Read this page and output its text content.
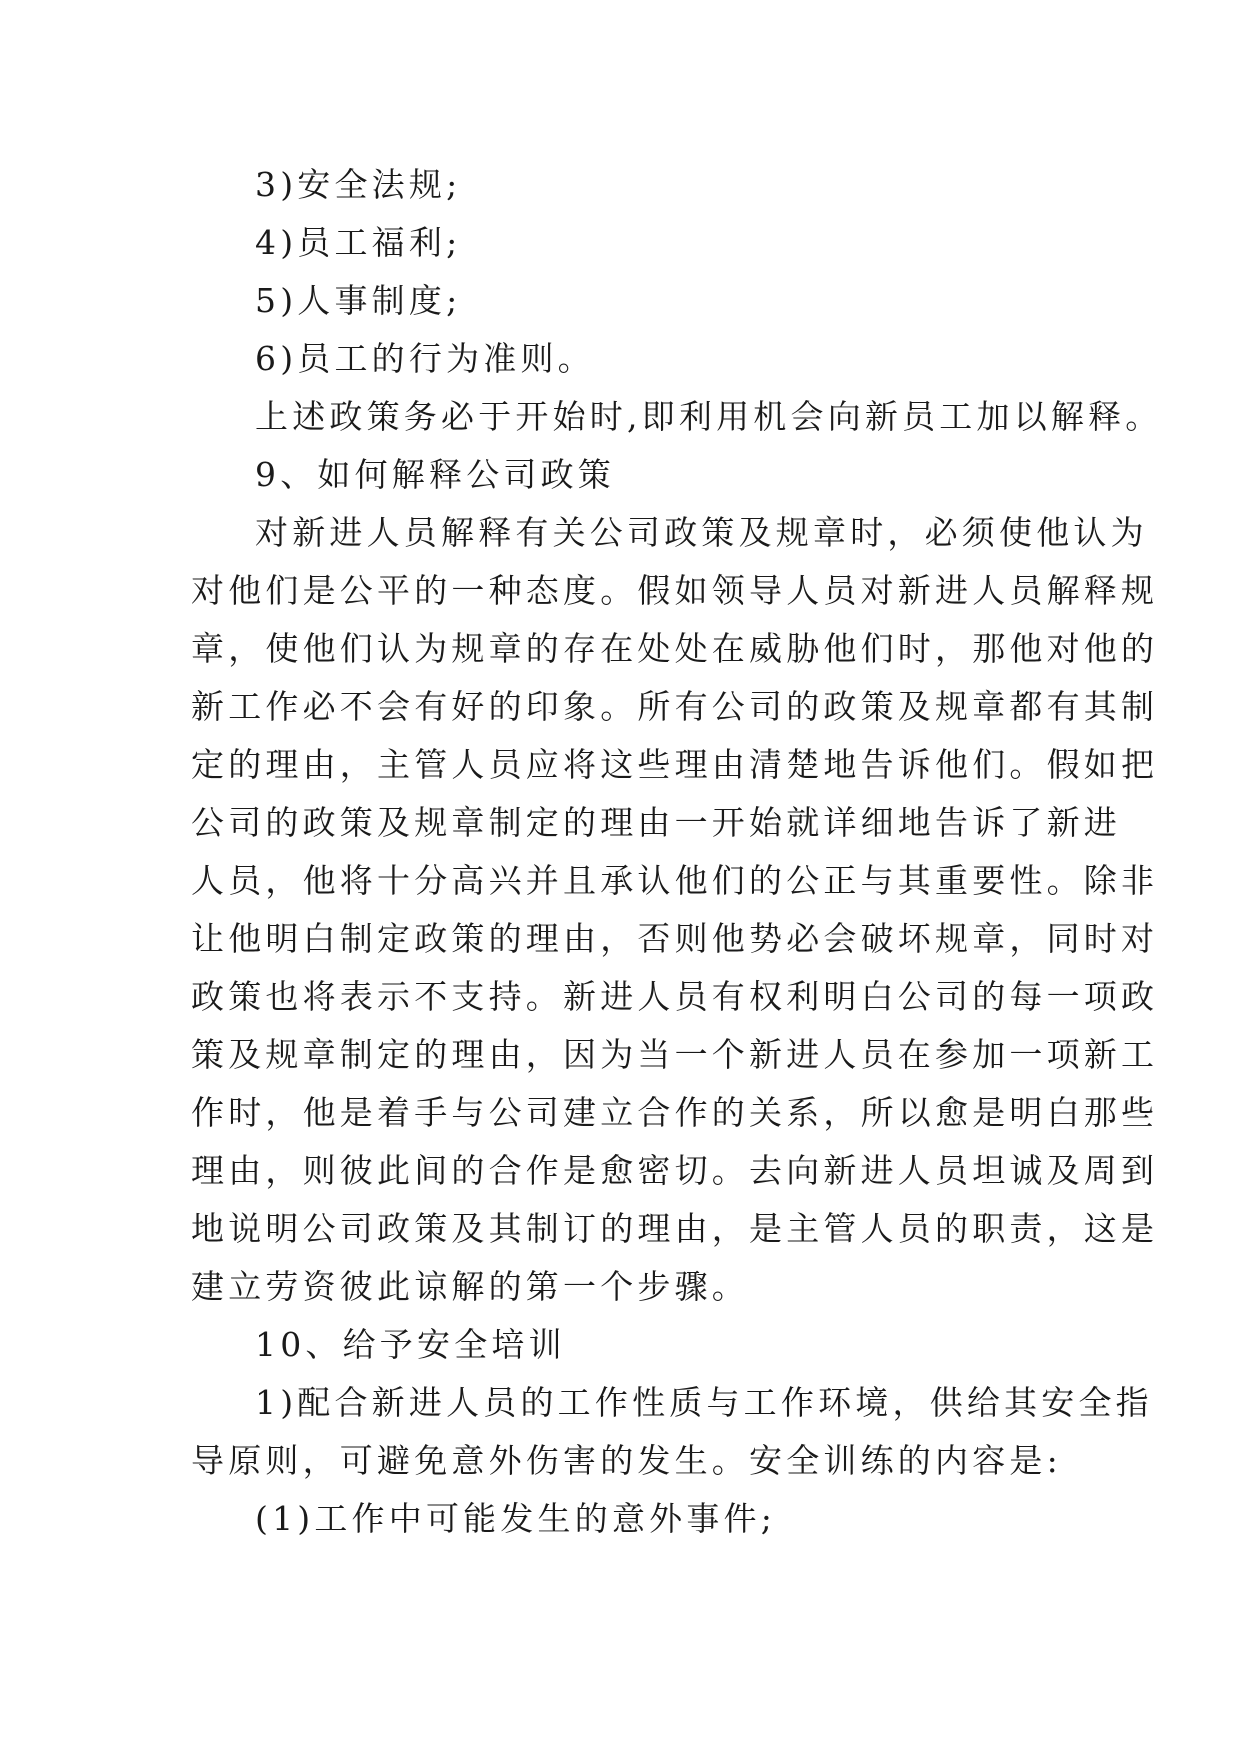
3)安全法规;

4)员工福利;

5)人事制度;

6)员工的行为准则。

上述政策务必于开始时,即利用机会向新员工加以解释。

9、如何解释公司政策

对新进人员解释有关公司政策及规章时，必须使他认为

对他们是公平的一种态度。假如领导人员对新进人员解释规

章，使他们认为规章的存在处处在威胁他们时，那他对他的

新工作必不会有好的印象。所有公司的政策及规章都有其制

定的理由，主管人员应将这些理由清楚地告诉他们。假如把

公司的政策及规章制定的理由一开始就详细地告诉了新进

人员，他将十分高兴并且承认他们的公正与其重要性。除非

让他明白制定政策的理由，否则他势必会破坏规章，同时对

政策也将表示不支持。新进人员有权利明白公司的每一项政

策及规章制定的理由，因为当一个新进人员在参加一项新工

作时，他是着手与公司建立合作的关系，所以愈是明白那些

理由，则彼此间的合作是愈密切。去向新进人员坦诚及周到

地说明公司政策及其制订的理由，是主管人员的职责，这是

建立劳资彼此谅解的第一个步骤。

10、给予安全培训

1)配合新进人员的工作性质与工作环境，供给其安全指

导原则，可避免意外伤害的发生。安全训练的内容是:

(1)工作中可能发生的意外事件;
